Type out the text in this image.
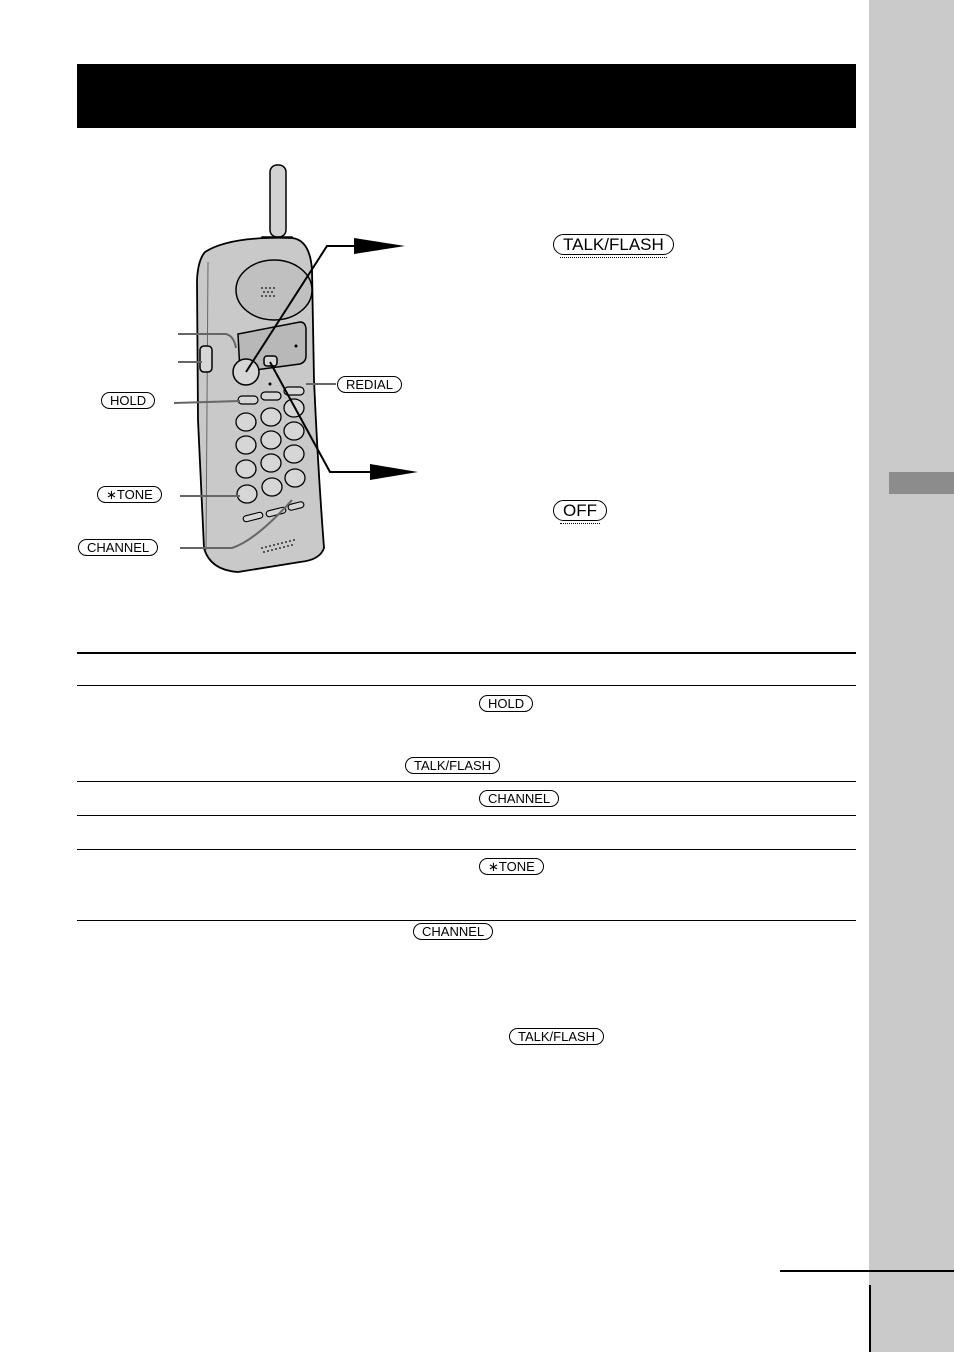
HOLD
∗TONE
CHANNEL
REDIAL
TALK/FLASH
OFF
HOLD
TALK/FLASH
CHANNEL
∗TONE
CHANNEL
TALK/FLASH
